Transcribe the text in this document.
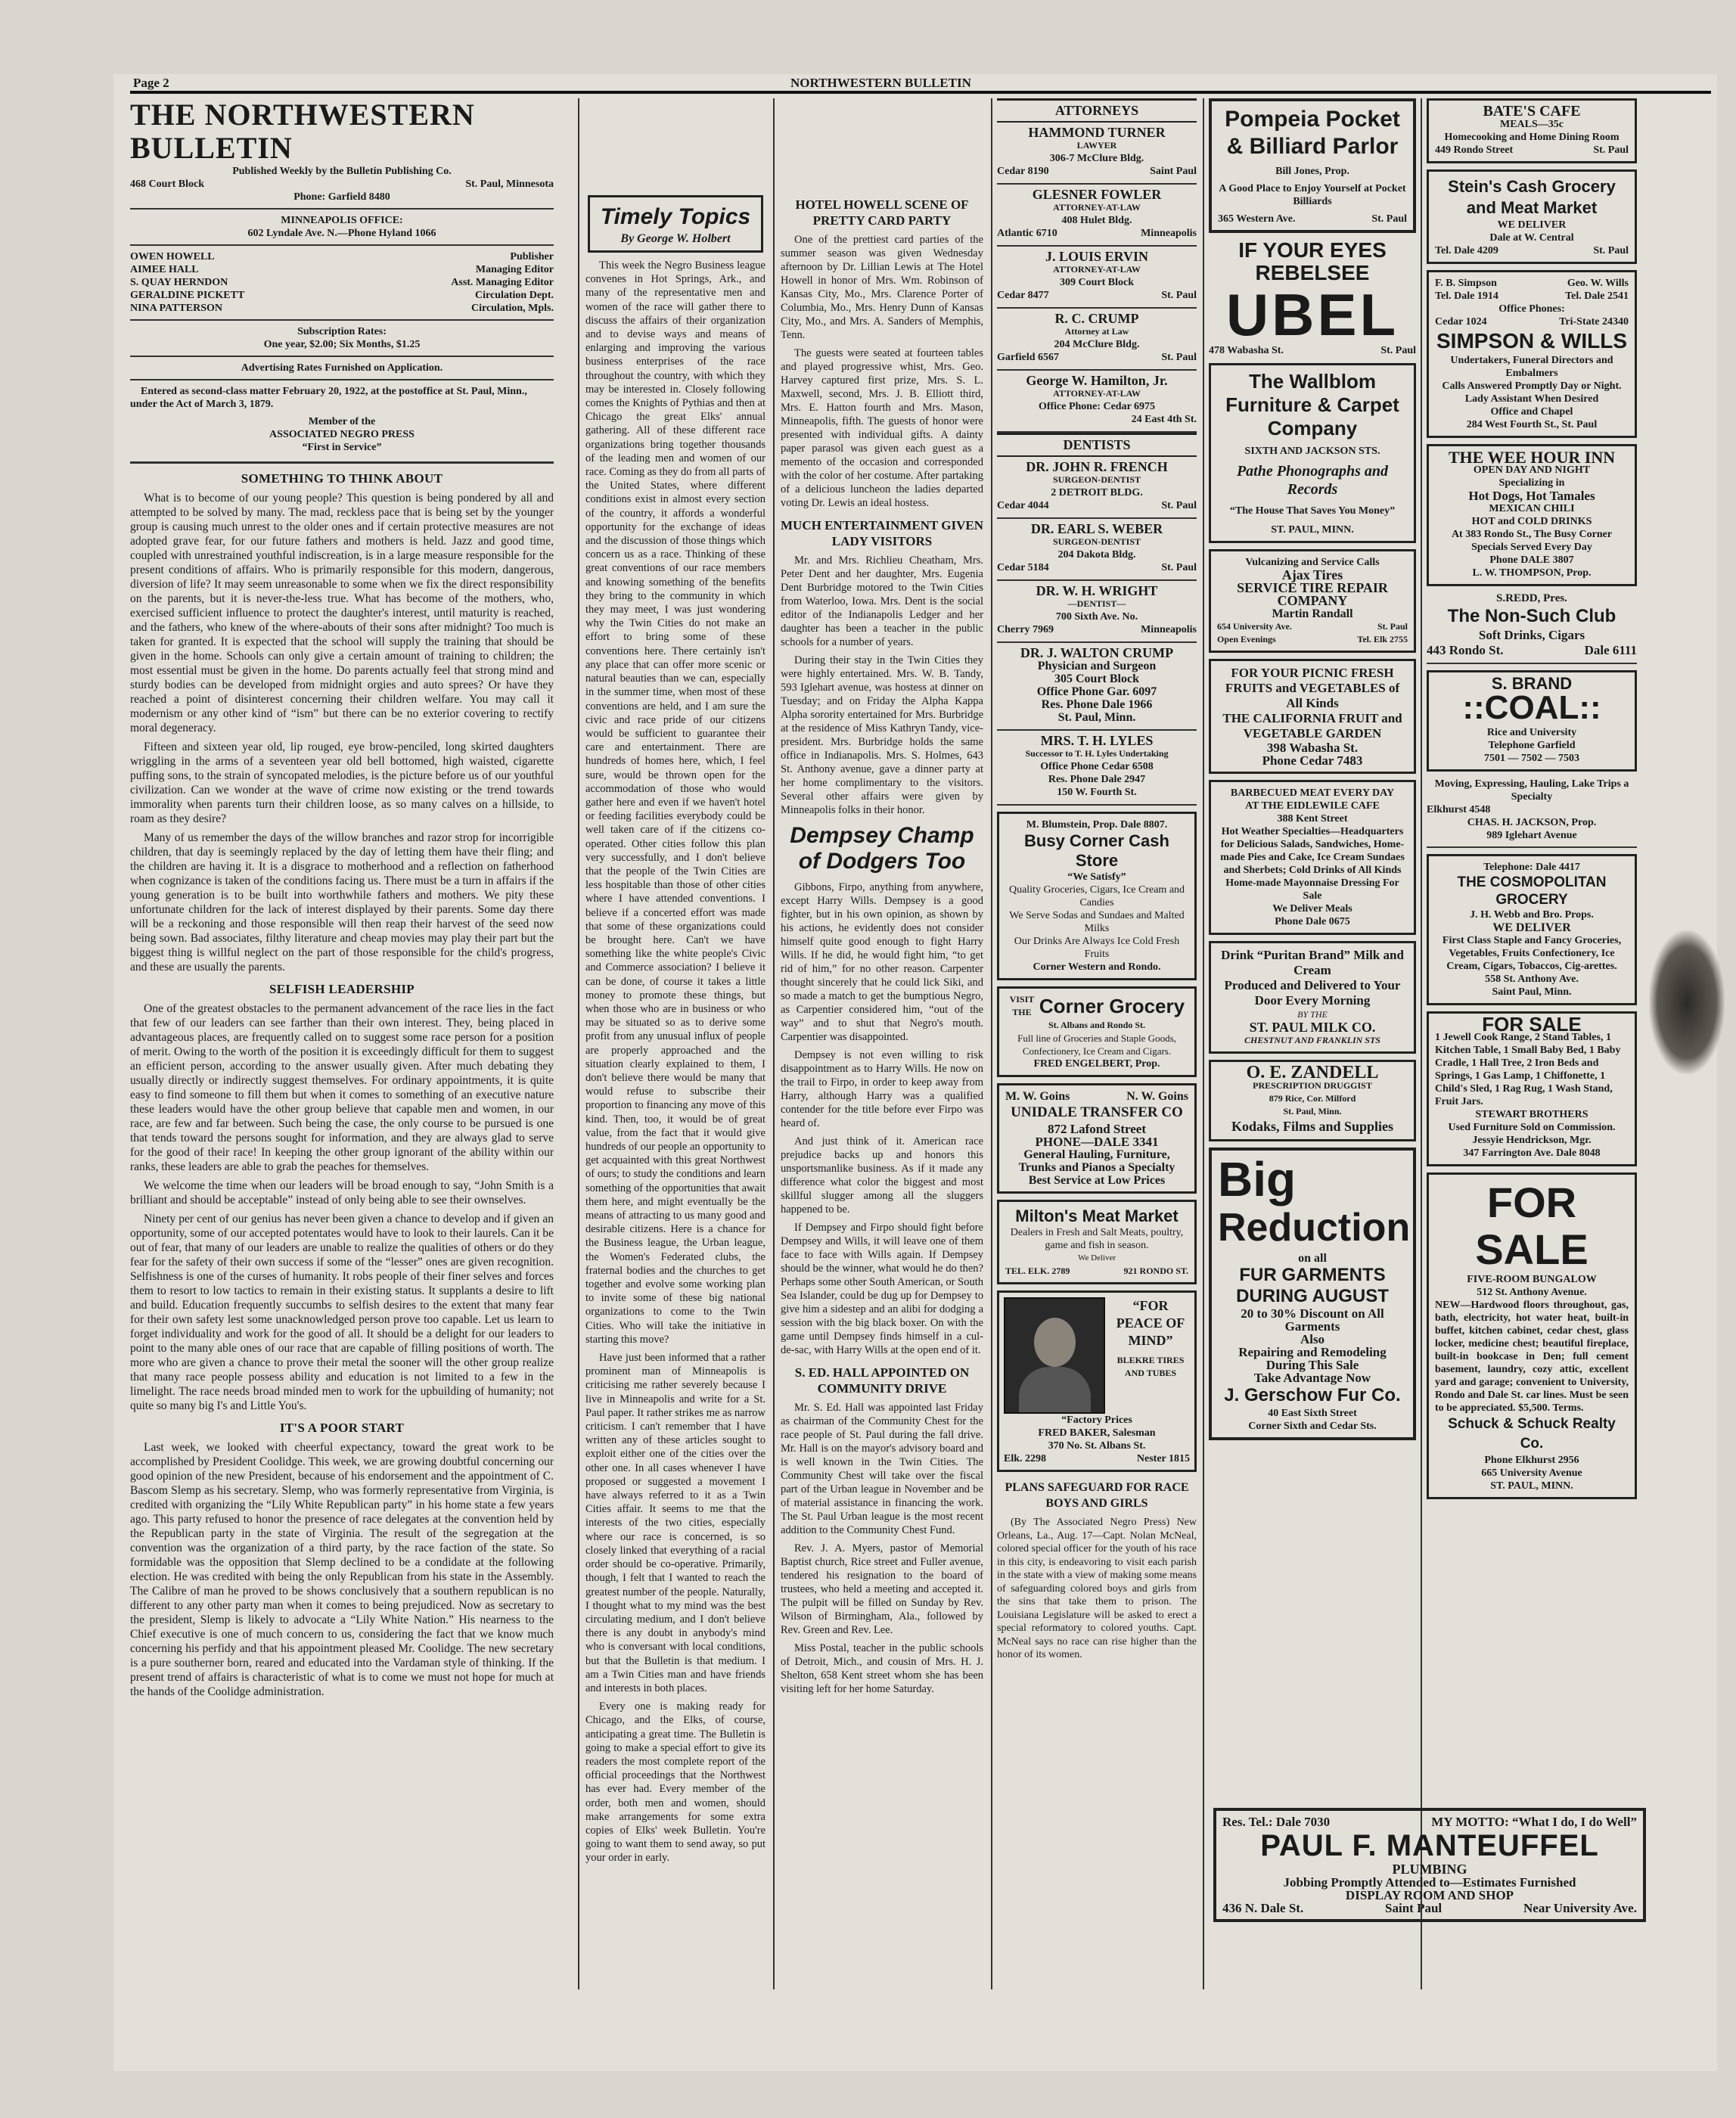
Page 2	NORTHWESTERN BULLETIN
THE NORTHWESTERN BULLETIN
Published Weekly by the Bulletin Publishing Co.
468 Court Block	St. Paul, Minnesota
Phone: Garfield 8480
MINNEAPOLIS OFFICE:
602 Lyndale Ave. N.—Phone Hyland 1066
OWEN HOWELL	Publisher
AIMEE HALL	Managing Editor
S. QUAY HERNDON	Asst. Managing Editor
GERALDINE PICKETT	Circulation Dept.
NINA PATTERSON	Circulation, Mpls.
Subscription Rates:
One year, $2.00; Six Months, $1.25
Advertising Rates Furnished on Application.
Entered as second-class matter February 20, 1922, at the postoffice at St. Paul, Minn., under the Act of March 3, 1879.
Member of the
ASSOCIATED NEGRO PRESS
“First in Service”
SOMETHING TO THINK ABOUT

What is to become of our young people? This question is being pondered by all and attempted to be solved by many. The mad, reckless pace that is being set by the younger group is causing much unrest to the older ones and if certain protective measures are not adopted grave fear, for our future fathers and mothers is held. Jazz and good time, coupled with unrestrained youthful indiscreation, is in a large measure responsible for the present conditions of affairs. Who is primarily responsible for this modern, dangerous, diversion of life? It may seem unreasonable to some when we fix the direct responsibility on the parents, but it is never-the-less true. What has become of the mothers, who, exercised sufficient influence to protect the daughter's interest, until maturity is reached, and the fathers, who knew of the where-abouts of their sons after midnight? Too much is taken for granted. It is expected that the school will supply the training that should be given in the home. Schools can only give a certain amount of training to children; the most essential must be given in the home. Do parents actually feel that strong mind and sturdy bodies can be developed from midnight orgies and auto sprees? Or have they reached a point of disinterest concerning their children welfare. You may call it modernism or any other kind of “ism” but there can be no exterior covering to rectify moral degeneracy.

Fifteen and sixteen year old, lip rouged, eye brow-penciled, long skirted daughters wriggling in the arms of a seventeen year old bell bottomed, high waisted, cigarette puffing sons, to the strain of syncopated melodies, is the picture before us of our youthful civilization. Can we wonder at the wave of crime now existing or the trend towards immorality when parents turn their children loose, as so many calves on a hillside, to roam as they desire?

Many of us remember the days of the willow branches and razor strop for incorrigible children, that day is seemingly replaced by the day of letting them have their fling; and the children are having it. It is a disgrace to motherhood and a reflection on fatherhood when cognizance is taken of the conditions facing us. There must be a turn in affairs if the young generation is to be built into worthwhile fathers and mothers. We pity these unfortunate children for the lack of interest displayed by their parents. Some day there will be a reckoning and those responsible will then reap their harvest of the seed now being sown. Bad associates, filthy literature and cheap movies may play their part but the biggest thing is willful neglect on the part of those responsible for the child's progress, and these are usually the parents.

SELFISH LEADERSHIP

One of the greatest obstacles to the permanent advancement of the race lies in the fact that few of our leaders can see farther than their own interest. They, being placed in advantageous places, are frequently called on to suggest some race person for a position of merit. Owing to the worth of the position it is exceedingly difficult for them to suggest an efficient person, according to the answer usually given. After much debating they usually directly or indirectly suggest themselves. For ordinary appointments, it is quite easy to find someone to fill them but when it comes to something of an executive nature these leaders would have the other group believe that capable men and women, in our race, are few and far between. Such being the case, the only course to be pursued is one that tends toward the persons sought for information, and they are always glad to serve for the good of their race! In keeping the other group ignorant of the ability within our ranks, these leaders are able to grab the peaches for themselves.

We welcome the time when our leaders will be broad enough to say, “John Smith is a brilliant and should be acceptable” instead of only being able to see their ownselves.

Ninety per cent of our genius has never been given a chance to develop and if given an opportunity, some of our accepted potentates would have to look to their laurels. Can it be out of fear, that many of our leaders are unable to realize the qualities of others or do they fear for the safety of their own success if some of the “lesser” ones are given recognition. Selfishness is one of the curses of humanity. It robs people of their finer selves and forces them to resort to low tactics to remain in their existing status. It supplants a desire to lift and build. Education frequently succumbs to selfish desires to the extent that many fear for their own safety lest some unacknowledged person prove too capable. Let us learn to forget individuality and work for the good of all. It should be a delight for our leaders to point to the many able ones of our race that are capable of filling positions of worth. The more who are given a chance to prove their metal the sooner will the other group realize that many race people possess ability and education is not limited to a few in the limelight. The race needs broad minded men to work for the upbuilding of humanity; not quite so many big I's and Little You's.

IT'S A POOR START

Last week, we looked with cheerful expectancy, toward the great work to be accomplished by President Coolidge. This week, we are growing doubtful concerning our good opinion of the new President, because of his endorsement and the appointment of C. Bascom Slemp as his secretary. Slemp, who was formerly representative from Virginia, is credited with organizing the “Lily White Republican party” in his home state a few years ago. This party refused to honor the presence of race delegates at the convention held by the Republican party in the state of Virginia. The result of the segregation at the convention was the organization of a third party, by the race faction of the state. So formidable was the opposition that Slemp declined to be a condidate at the following election. He was credited with being the only Republican from his state in the Assembly. The Calibre of man he proved to be shows conclusively that a southern republican is no different to any other party man when it comes to being prejudiced. Now as secretary to the president, Slemp is likely to advocate a “Lily White Nation.” His nearness to the Chief executive is one of much concern to us, considering the fact that we know much concerning his perfidy and that his appointment pleased Mr. Coolidge. The new secretary is a pure southerner born, reared and educated into the Vardaman style of thinking. If the present trend of affairs is characteristic of what is to come we must not hope for much at the hands of the Coolidge administration.

Timely Topics
By George W. Holbert

This week the Negro Business league convenes in Hot Springs, Ark., and many of the representative men and women of the race will gather there to discuss the affairs of their organization and to devise ways and means of enlarging and improving the various business enterprises of the race throughout the country, with which they may be interested in. Closely following comes the Knights of Pythias and then at Chicago the great Elks' annual gathering. All of these different race organizations bring together thousands of the leading men and women of our race. Coming as they do from all parts of the United States, where different conditions exist in almost every section of the country, it affords a wonderful opportunity for the exchange of ideas and the discussion of those things which concern us as a race. Thinking of these great conventions of our race members and knowing something of the benefits they bring to the community in which they may meet, I was just wondering why the Twin Cities do not make an effort to bring some of these conventions here. There certainly isn't any place that can offer more scenic or natural beauties than we can, especially in the summer time, when most of these conventions are held, and I am sure the civic and race pride of our citizens would be sufficient to guarantee their care and entertainment. There are hundreds of homes here, which, I feel sure, would be thrown open for the accommodation of those who would gather here and even if we haven't hotel or feeding facilities everybody could be well taken care of if the citizens co-operated. Other cities follow this plan very successfully, and I don't believe that the people of the Twin Cities are less hospitable than those of other cities where I have attended conventions. I believe if a concerted effort was made that some of these organizations could be brought here. Can't we have something like the white people's Civic and Commerce association? I believe it can be done, of course it takes a little money to promote these things, but when those who are in business or who may be situated so as to derive some profit from any unusual influx of people are properly approached and the situation clearly explained to them, I don't believe there would be many that would refuse to subscribe their proportion to financing any move of this kind. Then, too, it would be of great value, from the fact that it would give hundreds of our people an opportunity to get acquainted with this great Northwest of ours; to study the conditions and learn something of the opportunities that await them here, and might eventually be the means of attracting to us many good and desirable citizens. Here is a chance for the Business league, the Urban league, the Women's Federated clubs, the fraternal bodies and the churches to get together and evolve some working plan to invite some of these big national organizations to come to the Twin Cities. Who will take the initiative in starting this move?

Have just been informed that a rather prominent man of Minneapolis is criticising me rather severely because I live in Minneapolis and write for a St. Paul paper. It rather strikes me as narrow criticism. I can't remember that I have written any of these articles sought to exploit either one of the cities over the other one. In all cases whenever I have proposed or suggested a movement I have always referred to it as a Twin Cities affair. It seems to me that the interests of the two cities, especially where our race is concerned, is so closely linked that everything of a racial order should be co-operative. Primarily, though, I felt that I wanted to reach the greatest number of the people. Naturally, I thought what to my mind was the best circulating medium, and I don't believe there is any doubt in anybody's mind who is conversant with local conditions, but that the Bulletin is that medium. I am a Twin Cities man and have friends and interests in both places.

Every one is making ready for Chicago, and the Elks, of course, anticipating a great time. The Bulletin is going to make a special effort to give its readers the most complete report of the official proceedings that the Northwest has ever had. Every member of the order, both men and women, should make arrangements for some extra copies of Elks' week Bulletin. You're going to want them to send away, so put your order in early.

HOTEL HOWELL SCENE OF PRETTY CARD PARTY

One of the prettiest card parties of the summer season was given Wednesday afternoon by Dr. Lillian Lewis at The Hotel Howell in honor of Mrs. Wm. Robinson of Kansas City, Mo., Mrs. Clarence Porter of Columbia, Mo., Mrs. Henry Dunn of Kansas City, Mo., and Mrs. A. Sanders of Memphis, Tenn.

The guests were seated at fourteen tables and played progressive whist, Mrs. Geo. Harvey captured first prize, Mrs. S. L. Maxwell, second, Mrs. J. B. Elliott third, Mrs. E. Hatton fourth and Mrs. Mason, Minneapolis, fifth. The guests of honor were presented with individual gifts. A dainty paper parasol was given each guest as a memento of the occasion and corresponded with the color of her costume. After partaking of a delicious luncheon the ladies departed voting Dr. Lewis an ideal hostess.

MUCH ENTERTAINMENT GIVEN LADY VISITORS

Mr. and Mrs. Richlieu Cheatham, Mrs. Peter Dent and her daughter, Mrs. Eugenia Dent Burbridge motored to the Twin Cities from Waterloo, Iowa. Mrs. Dent is the social editor of the Indianapolis Ledger and her daughter has been a teacher in the public schools for a number of years.

During their stay in the Twin Cities they were highly entertained. Mrs. W. B. Tandy, 593 Iglehart avenue, was hostess at dinner on Tuesday; and on Friday the Alpha Kappa Alpha sorority entertained for Mrs. Burbridge at the residence of Miss Kathryn Tandy, vice-president. Mrs. Burbridge holds the same office in Indianapolis. Mrs. S. Holmes, 643 St. Anthony avenue, gave a dinner party at her home complimentary to the visitors. Several other affairs were given by Minneapolis folks in their honor.

Dempsey Champ of Dodgers Too

Gibbons, Firpo, anything from anywhere, except Harry Wills. Dempsey is a good fighter, but in his own opinion, as shown by his actions, he evidently does not consider himself quite good enough to fight Harry Wills. If he did, he would fight him, “to get rid of him,” for no other reason. Carpenter thought sincerely that he could lick Siki, and so made a match to get the bumptious Negro, as Carpentier considered him, “out of the way” and to shut that Negro's mouth. Carpentier was disappointed.

Dempsey is not even willing to risk disappointment as to Harry Wills. He now on the trail to Firpo, in order to keep away from Harry, although Harry was a qualified contender for the title before ever Firpo was heard of.

And just think of it. American race prejudice backs up and honors this unsportsmanlike business. As if it made any difference what color the biggest and most skillful slugger among all the sluggers happened to be.

If Dempsey and Firpo should fight before Dempsey and Wills, it will leave one of them face to face with Wills again. If Dempsey should be the winner, what would he do then? Perhaps some other South American, or South Sea Islander, could be dug up for Dempsey to give him a sidestep and an alibi for dodging a session with the big black boxer. On with the game until Dempsey finds himself in a cul-de-sac, with Harry Wills at the open end of it.

S. ED. HALL APPOINTED ON COMMUNITY DRIVE

Mr. S. Ed. Hall was appointed last Friday as chairman of the Community Chest for the race people of St. Paul during the fall drive. Mr. Hall is on the mayor's advisory board and is well known in the Twin Cities. The Community Chest will take over the fiscal part of the Urban league in November and be of material assistance in financing the work. The St. Paul Urban league is the most recent addition to the Community Chest Fund.

Rev. J. A. Myers, pastor of Memorial Baptist church, Rice street and Fuller avenue, tendered his resignation to the board of trustees, who held a meeting and accepted it. The pulpit will be filled on Sunday by Rev. Wilson of Birmingham, Ala., followed by Rev. Green and Rev. Lee.

Miss Postal, teacher in the public schools of Detroit, Mich., and cousin of Mrs. H. J. Shelton, 658 Kent street whom she has been visiting left for her home Saturday.

ATTORNEYS
HAMMOND TURNER
LAWYER
306-7 McClure Bldg.
Cedar 8190	Saint Paul
GLESNER FOWLER
ATTORNEY-AT-LAW
408 Hulet Bldg.
Atlantic 6710	Minneapolis
J. LOUIS ERVIN
ATTORNEY-AT-LAW
309 Court Block
Cedar 8477	St. Paul
R. C. CRUMP
Attorney at Law
204 McClure Bldg.
Garfield 6567	St. Paul
George W. Hamilton, Jr.
ATTORNEY-AT-LAW
Office Phone: Cedar 6975
24 East 4th St.
DENTISTS
DR. JOHN R. FRENCH
SURGEON-DENTIST
2 DETROIT BLDG.
Cedar 4044	St. Paul
DR. EARL S. WEBER
SURGEON-DENTIST
204 Dakota Bldg.
Cedar 5184	St. Paul
DR. W. H. WRIGHT
—DENTIST—
700 Sixth Ave. No.
Cherry 7969	Minneapolis
DR. J. WALTON CRUMP
Physician and Surgeon
305 Court Block
Office Phone Gar. 6097
Res. Phone Dale 1966
St. Paul, Minn.
MRS. T. H. LYLES
Successor to T. H. Lyles Undertaking
Office Phone Cedar 6508
Res. Phone Dale 2947
150 W. Fourth St.
M. Blumstein, Prop. Dale 8807.
Busy Corner Cash Store
“We Satisfy”
Quality Groceries, Cigars, Ice Cream and Candies
We Serve Sodas and Sundaes and Malted Milks
Our Drinks Are Always Ice Cold Fresh Fruits
Corner Western and Rondo.
VISIT THE Corner Grocery
St. Albans and Rondo St.
Full line of Groceries and Staple Goods, Confectionery, Ice Cream and Cigars.
FRED ENGELBERT, Prop.
M. W. Goins	N. W. Goins
UNIDALE TRANSFER CO
872 Lafond Street
PHONE—DALE 3341
General Hauling, Furniture, Trunks and Pianos a Specialty
Best Service at Low Prices
Milton's Meat Market
Dealers in Fresh and Salt Meats, poultry, game and fish in season.
We Deliver
TEL. ELK. 2789	921 RONDO ST.
“FOR PEACE OF MIND”
BLEKRE TIRES AND TUBES
“Factory Prices
FRED BAKER, Salesman
370 No. St. Albans St.
Elk. 2298	Nester 1815
PLANS SAFEGUARD FOR RACE BOYS AND GIRLS

(By The Associated Negro Press) New Orleans, La., Aug. 17—Capt. Nolan McNeal, colored special officer for the youth of his race in this city, is endeavoring to visit each parish in the state with a view of making some means of safeguarding colored boys and girls from the sins that take them to prison. The Louisiana Legislature will be asked to erect a special reformatory to colored youths. Capt. McNeal says no race can rise higher than the honor of its women.

Pompeia Pocket
& Billiard Parlor
Bill Jones, Prop.
A Good Place to Enjoy Yourself at Pocket Billiards
365 Western Ave.	St. Paul
IF YOUR EYES REBELSEE
UBEL
478 Wabasha St.	St. Paul
The Wallblom Furniture & Carpet Company
SIXTH AND JACKSON STS.
Pathe Phonographs and Records
“The House That Saves You Money”
ST. PAUL, MINN.
Vulcanizing and Service Calls
Ajax Tires
SERVICE TIRE REPAIR COMPANY
Martin Randall
654 University Ave.	St. Paul
Open Evenings	Tel. Elk 2755
FOR YOUR PICNIC FRESH FRUITS and VEGETABLES of All Kinds
THE CALIFORNIA FRUIT and VEGETABLE GARDEN
398 Wabasha St.
Phone Cedar 7483
BARBECUED MEAT EVERY DAY
AT THE EIDLEWILE CAFE
388 Kent Street
Hot Weather Specialties—Headquarters for Delicious Salads, Sandwiches, Home-made Pies and Cake, Ice Cream Sundaes and Sherbets; Cold Drinks of All Kinds
Home-made Mayonnaise Dressing For Sale
We Deliver Meals
Phone Dale 0675
Drink “Puritan Brand” Milk and Cream
Produced and Delivered to Your Door Every Morning
BY THE
ST. PAUL MILK CO.
CHESTNUT AND FRANKLIN STS
O. E. ZANDELL
PRESCRIPTION DRUGGIST
879 Rice, Cor. Milford
St. Paul, Minn.
Kodaks, Films and Supplies
Big
Reduction
on all
FUR GARMENTS
DURING AUGUST
20 to 30% Discount on All Garments
Also
Repairing and Remodeling During This Sale
Take Advantage Now
J. Gerschow Fur Co.
40 East Sixth Street
Corner Sixth and Cedar Sts.
BATE'S CAFE
MEALS—35c
Homecooking and Home Dining Room
449 Rondo Street	St. Paul
Stein's Cash Grocery and Meat Market
WE DELIVER
Dale at W. Central
Tel. Dale 4209	St. Paul
F. B. Simpson	Geo. W. Wills
Tel. Dale 1914	Tel. Dale 2541
Office Phones:
Cedar 1024	Tri-State 24340
SIMPSON & WILLS
Undertakers, Funeral Directors and Embalmers
Calls Answered Promptly Day or Night.
Lady Assistant When Desired
Office and Chapel
284 West Fourth St., St. Paul
THE WEE HOUR INN
OPEN DAY AND NIGHT
Specializing in
Hot Dogs, Hot Tamales
MEXICAN CHILI
HOT and COLD DRINKS
At 383 Rondo St., The Busy Corner
Specials Served Every Day
Phone DALE 3807
L. W. THOMPSON, Prop.
S.REDD, Pres.
The Non-Such Club
Soft Drinks, Cigars
443 Rondo St.	Dale 6111
S. BRAND
::COAL::
Rice and University
Telephone Garfield
7501 — 7502 — 7503
Moving, Expressing, Hauling, Lake Trips a Specialty
Elkhurst 4548
CHAS. H. JACKSON, Prop.
989 Iglehart Avenue
Telephone: Dale 4417
THE COSMOPOLITAN GROCERY
J. H. Webb and Bro. Props.
WE DELIVER
First Class Staple and Fancy Groceries, Vegetables, Fruits Confectionery, Ice Cream, Cigars, Tobaccos, Cig-arettes.
558 St. Anthony Ave.
Saint Paul, Minn.
FOR SALE
1 Jewell Cook Range, 2 Stand Tables, 1 Kitchen Table, 1 Small Baby Bed, 1 Baby Cradle, 1 Hall Tree, 2 Iron Beds and Springs, 1 Gas Lamp, 1 Chiffonette, 1 Child's Sled, 1 Rag Rug, 1 Wash Stand, Fruit Jars.
STEWART BROTHERS
Used Furniture Sold on Commission.
Jessyie Hendrickson, Mgr.
347 Farrington Ave. Dale 8048
FOR SALE
FIVE-ROOM BUNGALOW
512 St. Anthony Avenue.
NEW—Hardwood floors throughout, gas, bath, electricity, hot water heat, built-in buffet, kitchen cabinet, cedar chest, glass locker, medicine chest; beautiful fireplace, built-in bookcase in Den; full cement basement, laundry, cozy attic, excellent yard and garage; convenient to University, Rondo and Dale St. car lines. Must be seen to be appreciated. $5,500. Terms.
Schuck & Schuck Realty Co.
Phone Elkhurst 2956
665 University Avenue
ST. PAUL, MINN.
Res. Tel.: Dale 7030	MY MOTTO: “What I do, I do Well”
PAUL F. MANTEUFFEL
PLUMBING
Jobbing Promptly Attended to—Estimates Furnished
DISPLAY ROOM AND SHOP
436 N. Dale St.	Saint Paul	Near University Ave.
